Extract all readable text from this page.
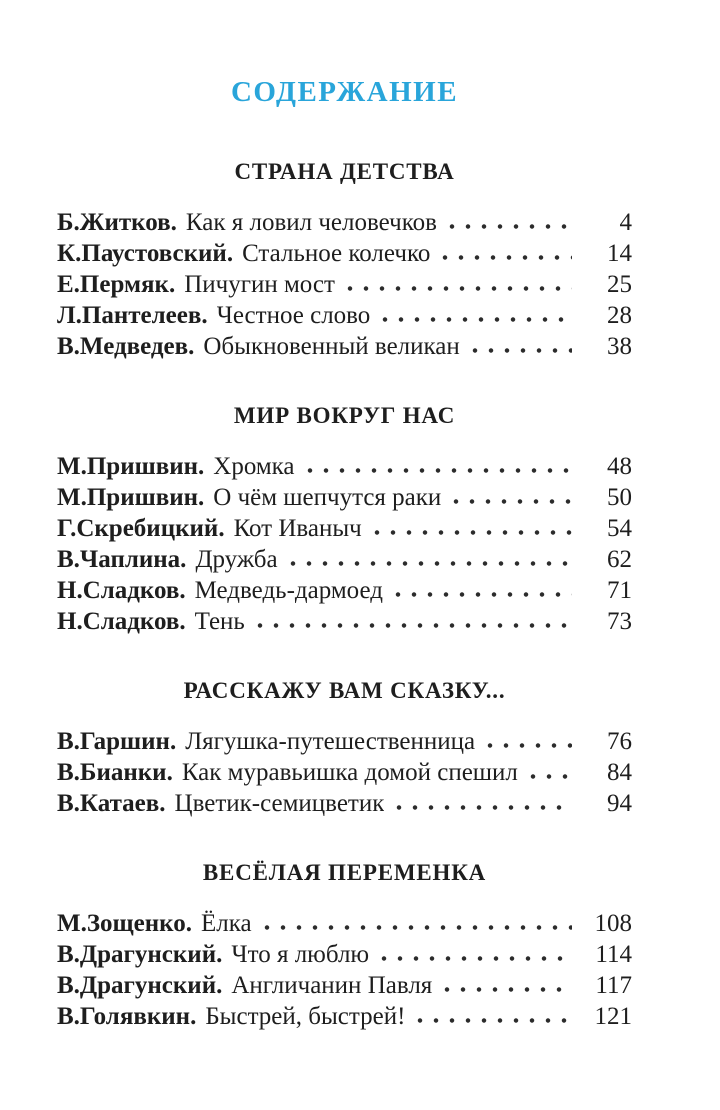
СОДЕРЖАНИЕ
СТРАНА ДЕТСТВА
Б.Житков. Как я ловил человечков	4
К.Паустовский. Стальное колечко	14
Е.Пермяк. Пичугин мост	25
Л.Пантелеев. Честное слово	28
В.Медведев. Обыкновенный великан	38
МИР ВОКРУГ НАС
М.Пришвин. Хромка	48
М.Пришвин. О чём шепчутся раки	50
Г.Скребицкий. Кот Иваныч	54
В.Чаплина. Дружба	62
Н.Сладков. Медведь-дармоед	71
Н.Сладков. Тень	73
РАССКАЖУ ВАМ СКАЗКУ...
В.Гаршин. Лягушка-путешественница	76
В.Бианки. Как муравьишка домой спешил	84
В.Катаев. Цветик-семицветик	94
ВЕСЁЛАЯ ПЕРЕМЕНКА
М.Зощенко. Ёлка	108
В.Драгунский. Что я люблю	114
В.Драгунский. Англичанин Павля	117
В.Голявкин. Быстрей, быстрей!	121
